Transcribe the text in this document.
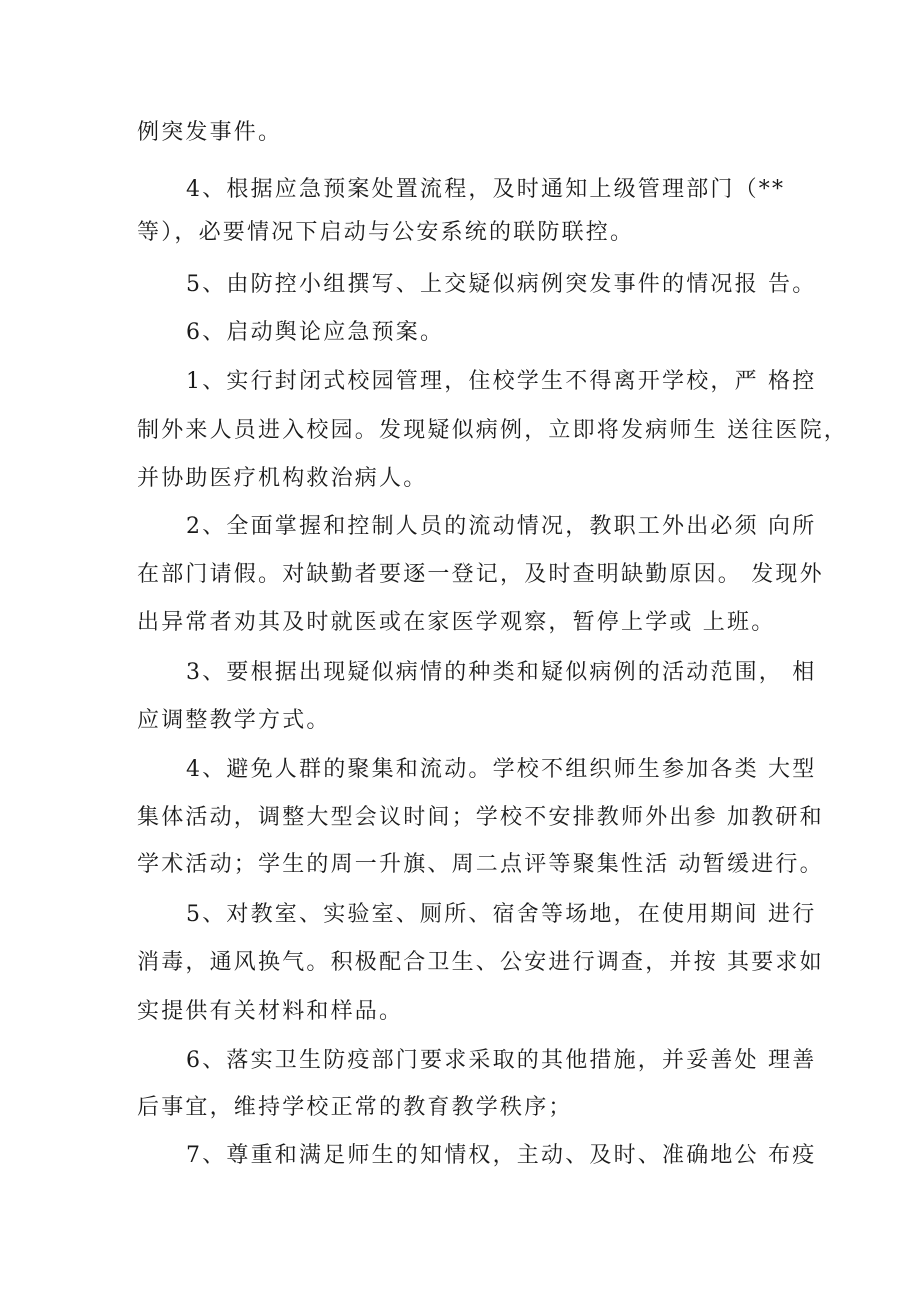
例突发事件。
4、根据应急预案处置流程，及时通知上级管理部门（**
等），必要情况下启动与公安系统的联防联控。
5、由防控小组撰写、上交疑似病例突发事件的情况报 告。
6、启动舆论应急预案。
1、实行封闭式校园管理，住校学生不得离开学校，严 格控
制外来人员进入校园。发现疑似病例，立即将发病师生 送往医院，
并协助医疗机构救治病人。
2、全面掌握和控制人员的流动情况，教职工外出必须 向所
在部门请假。对缺勤者要逐一登记，及时查明缺勤原因。 发现外
出异常者劝其及时就医或在家医学观察，暂停上学或 上班。
3、要根据出现疑似病情的种类和疑似病例的活动范围， 相
应调整教学方式。
4、避免人群的聚集和流动。学校不组织师生参加各类 大型
集体活动，调整大型会议时间；学校不安排教师外出参 加教研和
学术活动；学生的周一升旗、周二点评等聚集性活 动暂缓进行。
5、对教室、实验室、厕所、宿舍等场地，在使用期间 进行
消毒，通风换气。积极配合卫生、公安进行调查，并按 其要求如
实提供有关材料和样品。
6、落实卫生防疫部门要求采取的其他措施，并妥善处 理善
后事宜，维持学校正常的教育教学秩序；
7、尊重和满足师生的知情权，主动、及时、准确地公 布疫
